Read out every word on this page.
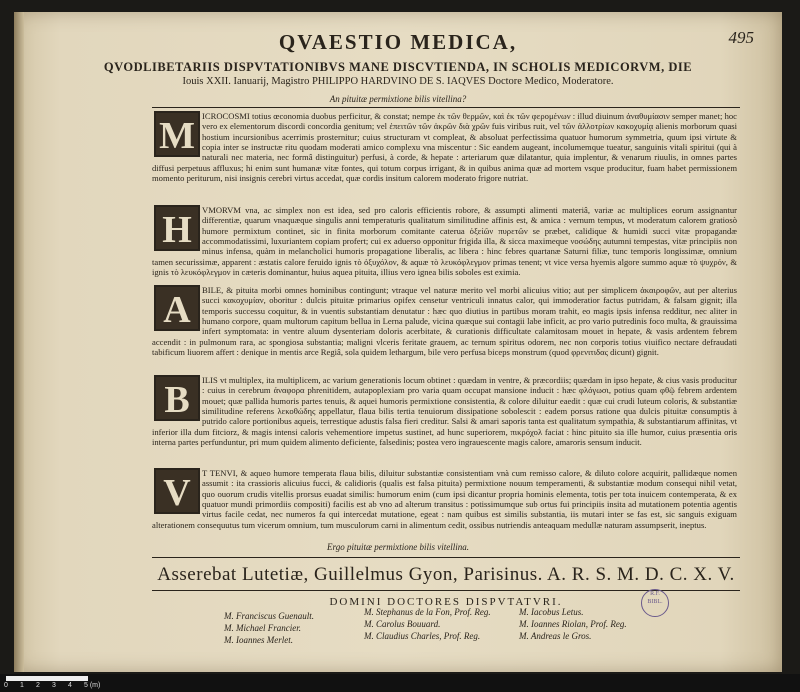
495
QVAESTIO MEDICA,
QVODLIBETARIIS DISPVTATIONIBVS MANE DISCVTIENDA, IN SCHOLIS MEDICORVM, DIE
Iouis XXII. Ianuarij, Magistro PHILIPPO HARDVINO DE S. IAQVES Doctore Medico, Moderatore.
An pituitæ permixtione bilis vitellina?
M ICROCOSMI totius œconomia duobus perficitur, & constat; nempe ἐκ τῶν θερμῶν, καὶ ἐκ τῶν φερομένων : illud diuinum ἀναθυμίασιν semper manet; hoc vero ex elementorum discordi concordia genitum; vel ἐπειτῶν τῶν ἀκρῶν διὰ χρῶν fuis viribus ruit, vel τῶν ἀλλοτρίων κακοχυμίᾳ alienis morborum quasi hostium incursionibus acerrimis prosternitur; cuius structuram vt compleat, & absoluat perfectissima quatuor humorum symmetria, quum ipsi virtute & copia inter se instructæ ritu quodam moderati amico complexu vna miscentur : Sic eandem augeant, incolumemque tueatur, sanguinis vitali spiritui (qui à naturali nec materia, nec formâ distinguitur) perfusi, à corde, & hepate : arteriarum quæ dilatantur, quia implentur, & venarum riuulis, in omnes partes diffusi perpetuus affluxus; hi enim sunt humanæ vitæ fontes, qui totum corpus irrigant, & in quibus anima quæ ad mortem vsque producitur, fuam habet permissionem momento periturum, nisi insignis cerebri virtus accedat, quæ cordis insitum calorem moderato frigore nutriat.
H	VMORVM vna, ac simplex non est idea, sed pro caloris efficientis robore, & assumpti alimenti materiâ, variæ ac multiplices eorum assignantur differentiæ, quarum vnaquæque singulis anni temperaturis qualitatum similitudine affinis est, & amica : vernum tempus, vt moderatum calorem gratiosò humore permixtum continet, sic in finita morborum comitante caterua ὀξείῶν πυρετῶν se præbet, calidique & humidi succi vitæ propagandæ accommodatissimi, luxuriantem copiam profert; cui ex aduerso opponitur frigida illa, & sicca maximeque νοσώδης autumni tempestas, vitæ principiis non minus infensa, quàm in melancholici humoris propagatione liberalis, ac libera : hinc febres quartanæ Saturni filiæ, tunc temporis longissimæ, omnium tamen securissimæ, apparent : æstatis calore feruido ignis τὸ ὀξυχόλον, & aquæ τὸ λευκόφλεγμον primas tenent; vt vice versa hyemis algore summo aquæ τὸ ψυχρόν, & ignis τὸ λευκόφλεγμον in cæteris dominantur, huius aquea pituita, illius vero ignea bilis soboles est eximia.
A	BILE, & pituita morbi omnes hominibus contingunt; vtraque vel naturæ merito vel morbi alicuius vitio; aut per simplicem ἀκαιροφῶν, aut per alterius succi κακοχυμίαν, oboritur : dulcis pituitæ primarius opifex censetur ventriculi innatus calor, qui immoderatior factus putridam, & falsam gignit; illa temporis successu coquitur, & in vuentis substantiam denutatur : hæc quo diutius in partibus moram trahit, eo magis ipsis infensa redditur, nec aliter in humano corpore, quam multorum capitum bellua in Lerna palude, vicina quæque sui contagii labe inficit, ac pro vario putredinis foco multa, & grauissima infert symptomata: in ventre aluum dysenteriam doloris acerbitate, & curationis difficultate calamitosam mouet in hepate, & vasis ardentem febrem accendit : in pulmonum rara, ac spongiosa substantia; maligni vlceris feritate grauem, ac ternum spiritus odorem, nec non corporis totius viuifico nectare defraudati tabificum liuorem affert : denique in mentis arce Regiâ, sola quidem lethargum, bile vero perfusa biceps monstrum (quod φρενιτιδας dicunt) gignit.
B	ILIS vt multiplex, ita multiplicem, ac varium generationis locum obtinet : quædam in ventre, & præcordiis; quædam in ipso hepate, & cius vasis producitur : cuius in cerebrum ἀναφορα phrenitidem, autapoplexiam pro varia quam occupat mansione inducit : hæc φλόγωσι, potius quam φθῷ febrem ardentem mouet; quæ pallida humoris partes tenuis, & aquei humoris permixtione consistentia, & colore diluitur eaedit : quæ cui crudi luteum coloris, & substantiæ similitudine referens λεκοθώδης appellatur, flaua bilis tertia tenuiorum dissipatione sobolescit : eadem porsus ratione qua dulcis pituitæ consumptis à putrido calore portionibus aqueis, terrestique adustis falsa fieri creditur. Salsi & amari saporis tanta est qualitatum sympathia, & substantiarum affinitas, vt inferior illa dum fitciorz, & magis intensi caloris vehementiore impetus sustinet, ad hunc superiorem, πικρόχολ faciat : hinc pituito sia ille humor, cuius præsentia oris interna partes perfunduntur, pri mum quidem alimento deficiente, falsedinis; postea vero ingrauescente magis calore, amaroris sensum inducit.
V	T TENVI, & aqueo humore temperata flaua bilis, diluitur substantiæ consistentiam vnà cum remisso calore, & diluto colore acquirit, pallidæque nomen assumit : ita crassioris alicuius fucci, & calidioris (qualis est falsa pituita) permixtione nouum temperamenti, & substantiæ modum consequi nihil vetat, quo ouorum crudis vitellis prorsus euadat similis: humorum enim (cum ipsi dicantur propria hominis elementa, totis per tota inuicem contemperata, & ex quatuor mundi primordiis compositi) facilis est ab vno ad alterum transitus : potissimumque sub ortus fui principiis insita ad mutationem potentia agentis virtus facile cedat, nec numeros fa qui intercedat mutatione, egeat : nam quibus est similis substantia, iis mutari inter se fas est, sic sanguis exiguam alterationem consequutus tum vicerum omnium, tum musculorum carni in alimentum cedit, ossibus nutriendis anteaquam medullæ naturam assumpserit, ineptus.
Ergo pituitæ permixtione bilis vitellina.
Asserebat Lutetiæ, Guillelmus Gyon, Parisinus. A. R. S. M. D. C. X. V.
DOMINI DOCTORES DISPVTATVRI.
M. Franciscus Guenault.
M. Michael Francier.
M. Ioannes Merlet.
M. Stephanus de la Fon, Prof. Reg.
M. Carolus Bouuard.
M. Claudius Charles, Prof. Reg.
M. Iacobus Letus.
M. Ioannes Riolan, Prof. Reg.
M. Andreas le Gros.
R.F. BIBL.
0 1 2 3 4 5 (m)
